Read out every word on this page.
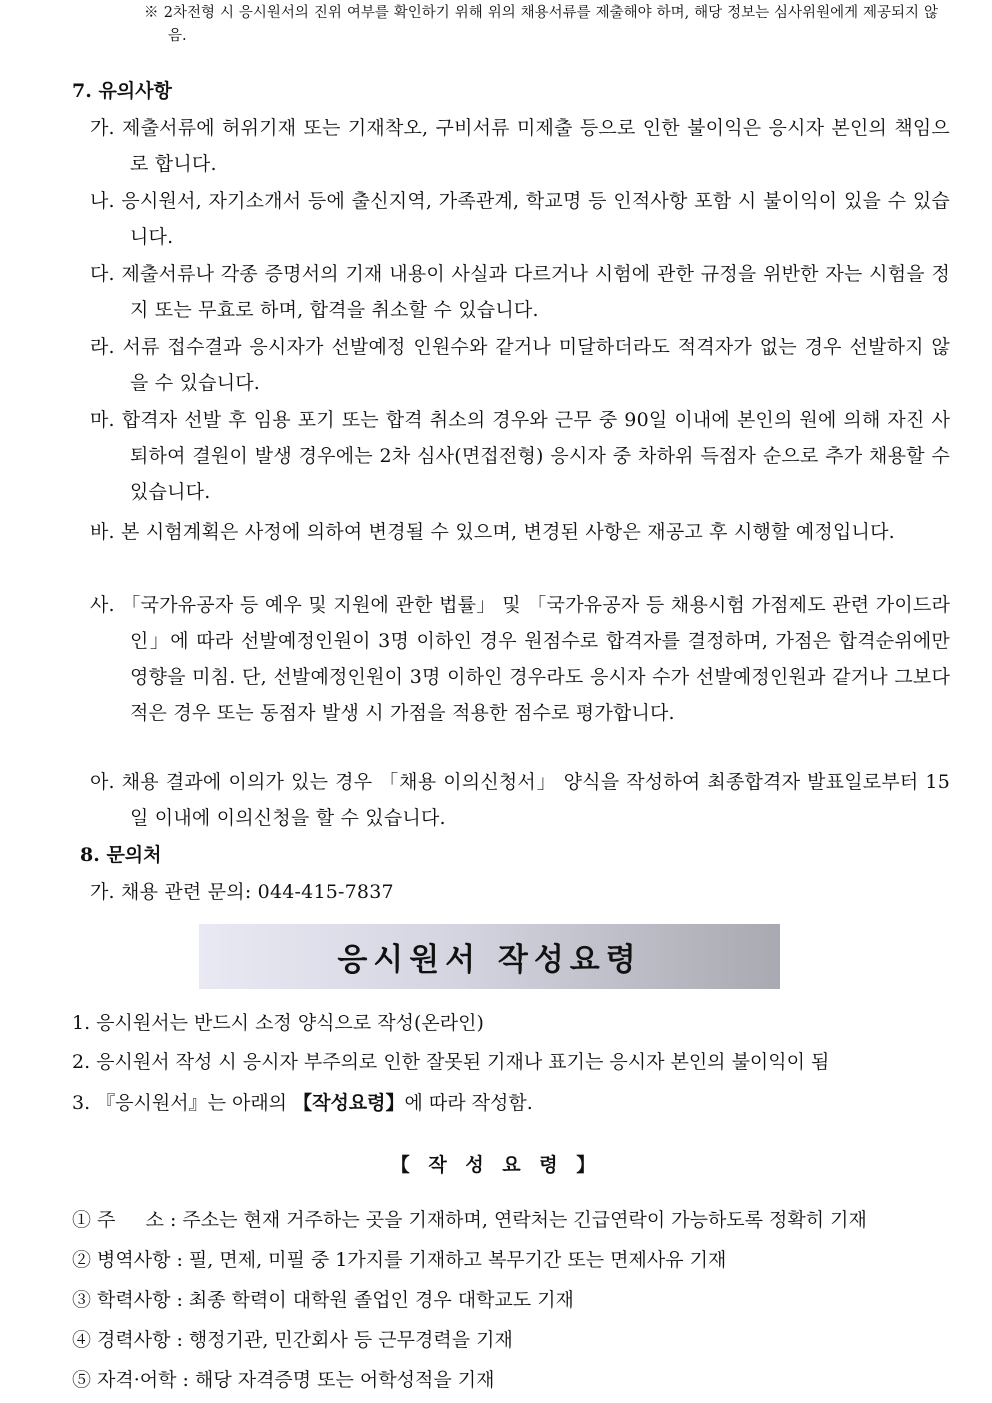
※ 2차전형 시 응시원서의 진위 여부를 확인하기 위해 위의 채용서류를 제출해야 하며, 해당 정보는 심사위원에게 제공되지 않음.
7. 유의사항
가. 제출서류에 허위기재 또는 기재착오, 구비서류 미제출 등으로 인한 불이익은 응시자 본인의 책임으로 합니다.
나. 응시원서, 자기소개서 등에 출신지역, 가족관계, 학교명 등 인적사항 포함 시 불이익이 있을 수 있습니다.
다. 제출서류나 각종 증명서의 기재 내용이 사실과 다르거나 시험에 관한 규정을 위반한 자는 시험을 정지 또는 무효로 하며, 합격을 취소할 수 있습니다.
라. 서류 접수결과 응시자가 선발예정 인원수와 같거나 미달하더라도 적격자가 없는 경우 선발하지 않을 수 있습니다.
마. 합격자 선발 후 임용 포기 또는 합격 취소의 경우와 근무 중 90일 이내에 본인의 원에 의해 자진 사퇴하여 결원이 발생 경우에는 2차 심사(면접전형) 응시자 중 차하위 득점자 순으로 추가 채용할 수 있습니다.
바. 본 시험계획은 사정에 의하여 변경될 수 있으며, 변경된 사항은 재공고 후 시행할 예정입니다.
사. 「국가유공자 등 예우 및 지원에 관한 법률」 및 「국가유공자 등 채용시험 가점제도 관련 가이드라인」에 따라 선발예정인원이 3명 이하인 경우 원점수로 합격자를 결정하며, 가점은 합격순위에만 영향을 미침. 단, 선발예정인원이 3명 이하인 경우라도 응시자 수가 선발예정인원과 같거나 그보다 적은 경우 또는 동점자 발생 시 가점을 적용한 점수로 평가합니다.
아. 채용 결과에 이의가 있는 경우 「채용 이의신청서」 양식을 작성하여 최종합격자 발표일로부터 15일 이내에 이의신청을 할 수 있습니다.
8. 문의처
가. 채용 관련 문의: 044-415-7837
응시원서 작성요령
1. 응시원서는 반드시 소정 양식으로 작성(온라인)
2. 응시원서 작성 시 응시자 부주의로 인한 잘못된 기재나 표기는 응시자 본인의 불이익이 됨
3. 『응시원서』는 아래의 【작성요령】에 따라 작성함.
【 작 성 요 령 】
① 주     소 : 주소는 현재 거주하는 곳을 기재하며, 연락처는 긴급연락이 가능하도록 정확히 기재
② 병역사항 : 필, 면제, 미필 중 1가지를 기재하고 복무기간 또는 면제사유 기재
③ 학력사항 : 최종 학력이 대학원 졸업인 경우 대학교도 기재
④ 경력사항 : 행정기관, 민간회사 등 근무경력을 기재
⑤ 자격·어학 : 해당 자격증명 또는 어학성적을 기재
